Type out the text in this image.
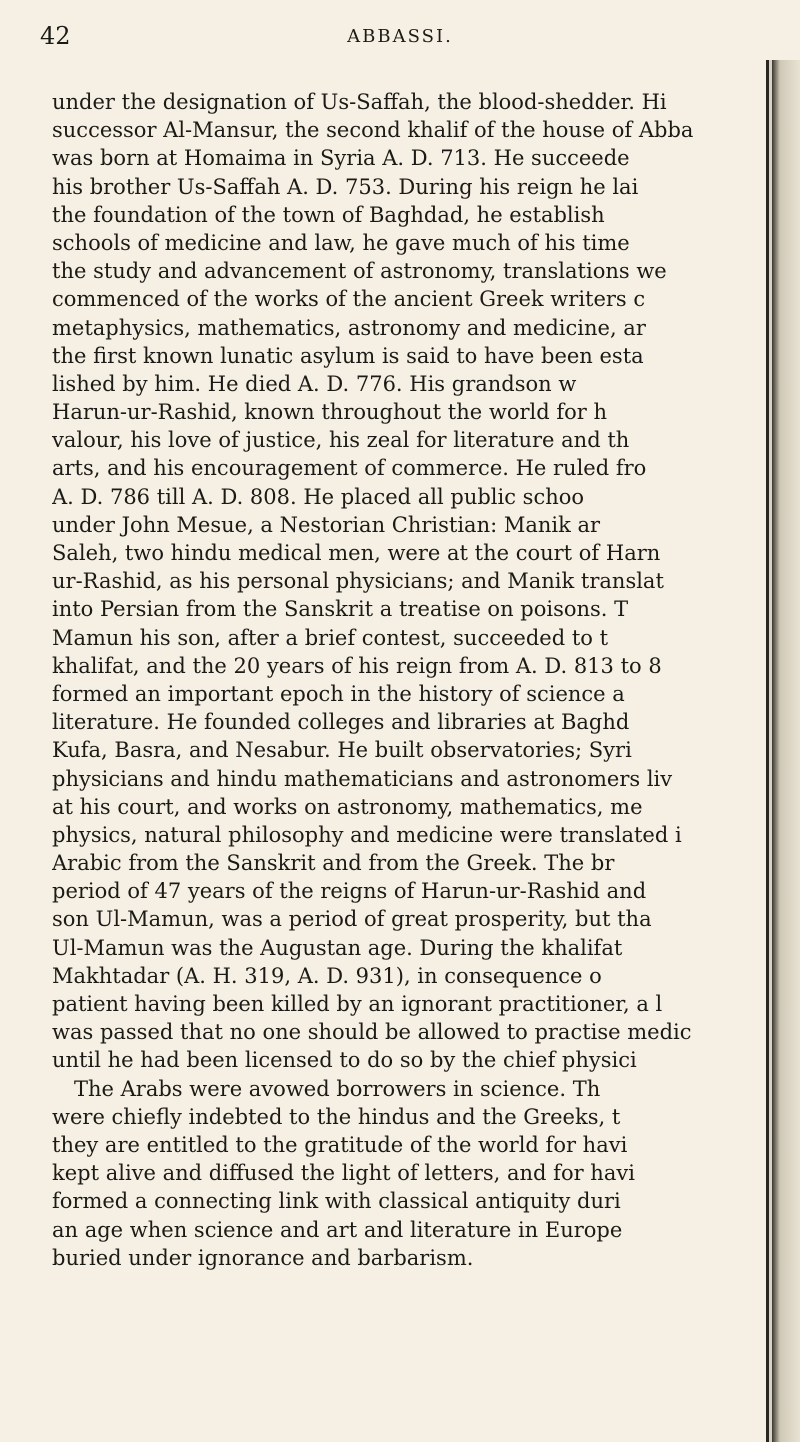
42	ABBASSI.
under the designation of Us-Saffah, the blood-shedder. Hi
successor Al-Mansur, the second khalif of the house of Abba
was born at Homaima in Syria A. D. 713. He succeede
his brother Us-Saffah A. D. 753. During his reign he lai
the foundation of the town of Baghdad, he establish
schools of medicine and law, he gave much of his time
the study and advancement of astronomy, translations we
commenced of the works of the ancient Greek writers c
metaphysics, mathematics, astronomy and medicine, ar
the first known lunatic asylum is said to have been esta
lished by him. He died A. D. 776. His grandson w
Harun-ur-Rashid, known throughout the world for h
valour, his love of justice, his zeal for literature and th
arts, and his encouragement of commerce. He ruled fro
A. D. 786 till A. D. 808. He placed all public schoo
under John Mesue, a Nestorian Christian: Manik ar
Saleh, two hindu medical men, were at the court of Harn
ur-Rashid, as his personal physicians; and Manik translat
into Persian from the Sanskrit a treatise on poisons. T
Mamun his son, after a brief contest, succeeded to t
khalifat, and the 20 years of his reign from A. D. 813 to 8
formed an important epoch in the history of science a
literature. He founded colleges and libraries at Baghd
Kufa, Basra, and Nesabur. He built observatories; Syri
physicians and hindu mathematicians and astronomers liv
at his court, and works on astronomy, mathematics, me
physics, natural philosophy and medicine were translated i
Arabic from the Sanskrit and from the Greek. The br
period of 47 years of the reigns of Harun-ur-Rashid and
son Ul-Mamun, was a period of great prosperity, but tha
Ul-Mamun was the Augustan age. During the khalifat
Makhtadar (A. H. 319, A. D. 931), in consequence o
patient having been killed by an ignorant practitioner, a l
was passed that no one should be allowed to practise medic
until he had been licensed to do so by the chief physici
The Arabs were avowed borrowers in science. Th
were chiefly indebted to the hindus and the Greeks, t
they are entitled to the gratitude of the world for havi
kept alive and diffused the light of letters, and for havi
formed a connecting link with classical antiquity duri
an age when science and art and literature in Europe
buried under ignorance and barbarism.
